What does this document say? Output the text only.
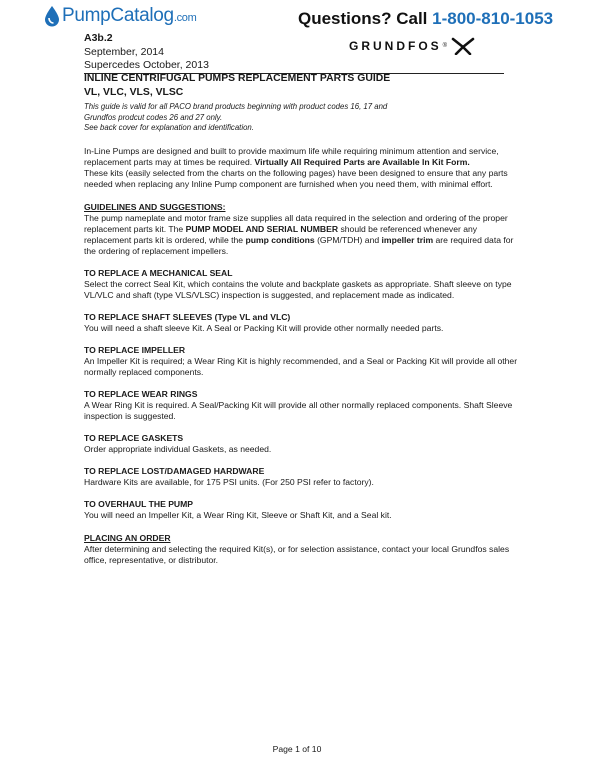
PumpCatalog.com	Questions? Call 1-800-810-1053
A3b.2
September, 2014
Supercedes October, 2013
GRUNDFOS ®
INLINE CENTRIFUGAL PUMPS REPLACEMENT PARTS GUIDE
VL, VLC, VLS, VLSC
This guide is valid for all PACO brand products beginning with product codes 16, 17 and
Grundfos prodcut codes 26 and 27 only.
See back cover for explanation and identification.

In-Line Pumps are designed and built to provide maximum life while requiring minimum attention and service, replacement parts may at times be required. Virtually All Required Parts are Available In Kit Form.

These kits (easily selected from the charts on the following pages) have been designed to ensure that any parts needed when replacing any Inline Pump component are furnished when you need them, with minimal effort.

GUIDELINES AND SUGGESTIONS:

The pump nameplate and motor frame size supplies all data required in the selection and ordering of the proper replacement parts kit. The PUMP MODEL AND SERIAL NUMBER should be referenced whenever any replacement parts kit is ordered, while the pump conditions (GPM/TDH) and impeller trim are required data for the ordering of replacement impellers.

TO REPLACE A MECHANICAL SEAL

Select the correct Seal Kit, which contains the volute and backplate gaskets as appropriate. Shaft sleeve on type VL/VLC and shaft (type VLS/VLSC) inspection is suggested, and replacement made as indicated.

TO REPLACE SHAFT SLEEVES (Type VL and VLC)

You will need a shaft sleeve Kit. A Seal or Packing Kit will provide other normally needed parts.

TO REPLACE IMPELLER

An Impeller Kit is required; a Wear Ring Kit is highly recommended, and a Seal or Packing Kit will provide all other normally replaced components.

TO REPLACE WEAR RINGS

A Wear Ring Kit is required. A Seal/Packing Kit will provide all other normally replaced components. Shaft Sleeve inspection is suggested.

TO REPLACE GASKETS

Order appropriate individual Gaskets, as needed.

TO REPLACE LOST/DAMAGED HARDWARE

Hardware Kits are available, for 175 PSI units. (For 250 PSI refer to factory).

TO OVERHAUL THE PUMP

You will need an Impeller Kit, a Wear Ring Kit, Sleeve or Shaft Kit, and a Seal kit.

PLACING AN ORDER

After determining and selecting the required Kit(s), or for selection assistance, contact your local Grundfos sales office, representative, or distributor.

Page 1 of 10
